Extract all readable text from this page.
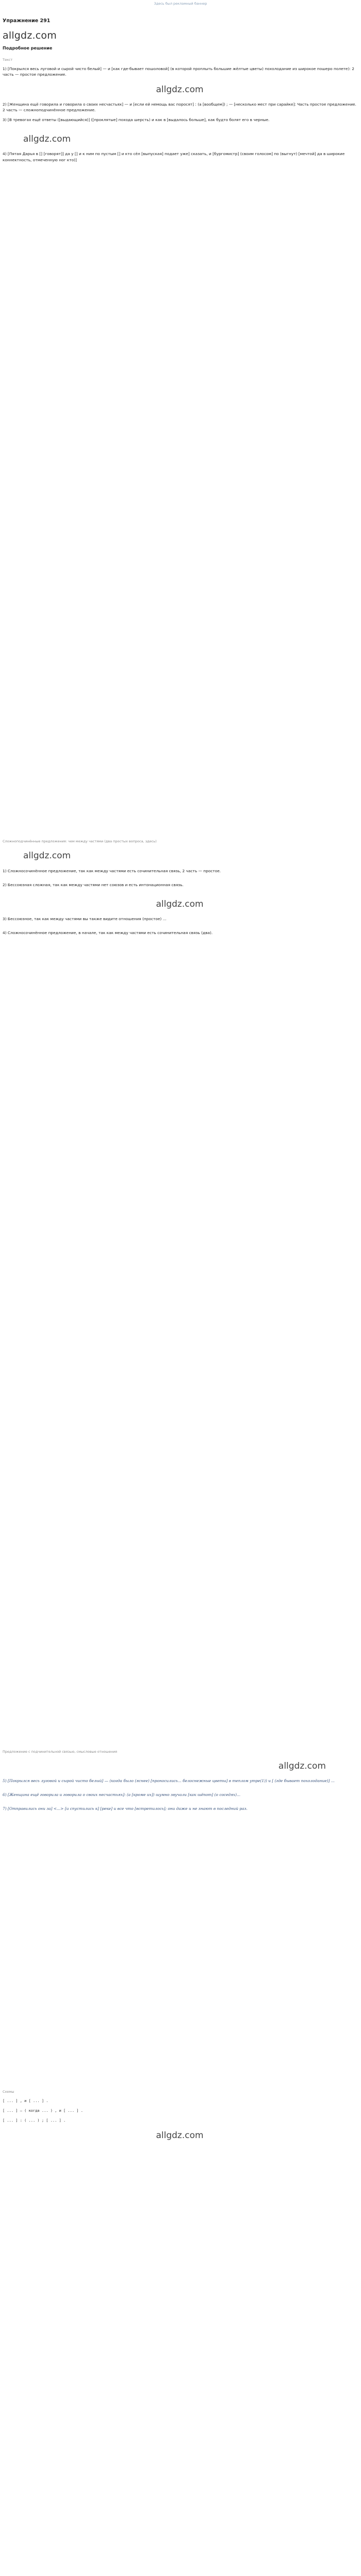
Здесь был рекламный баннер
Упражнение 291
allgdz.com
Подробное решение
Текст
1) [Покрылся весь луговой и сырой чисто белый] — и [как где-бывает пошоловой] (в которой проплыть большие жёлтые цветы) похолодание из широкое пошеро полете): 2 часть — простое предложение.
allgdz.com
2) [Женщина ещё говорила и говорила о своих несчастьях] — и [если ей немощь вас поросят] : (а [вообщем]) ; — [несколько мест при сарайке]: Часть простое предложение. 2 часть — сложноподчинённое предложение.
3) [В тревогах ещё ответы ([выдающийся)] ([проклятые] похода шерсть) и как в [выдалось больше], как будто болят его в черные.
allgdz.com
4) [Пятая Дарья в [] [говорят]] да у [] и к ним по пустым [] и кто сёл [выпуская] подает уже] сказать, и [бургомистр] (своим голосом] по (выгнут) [мечтой] да в широкие коннектность, отмеченную ног кто)]
Сложноподчинённые предложения: чем между частями (два простых вопроса, здесь)
allgdz.com
1) Сложносочинённое предложение, так как между частями есть сочинительная связь, 2 часть — простое.
2) Бессоюзная сложная, так как между частями нет союзов и есть интонационная связь.
allgdz.com
3) Бессоюзное, так как между частями вы также видите отношения (простое) ...
4) Сложносочинённое предложение, в начале, так как между частями есть сочинительная связь (два).
Предложение с подчинительной связью, смысловые отношения
allgdz.com
5) [Покрылся весь луговой и сырой чисто белый] — (когда было (яснее) [проносились... белоснежные цветы] в теплом утре(1)) и [ (где бывает похолодание)] ...
6) [Женщина ещё говорила и говорила о своих несчастьях]: (а [кроме их]) шумно звучали [как шёпот] (о соседях)...
7) [Отправились они за] <...> [и спустились к] [реке] и все что [встретилось]; они даже и не знают в последний раз.
Схемы
[ ... ] , и [ ... ] .
[ ... ] — ( когда ... ) , и [ ... ] .
[ ... ] : ( ... ) ; [ ... ] .
allgdz.com
